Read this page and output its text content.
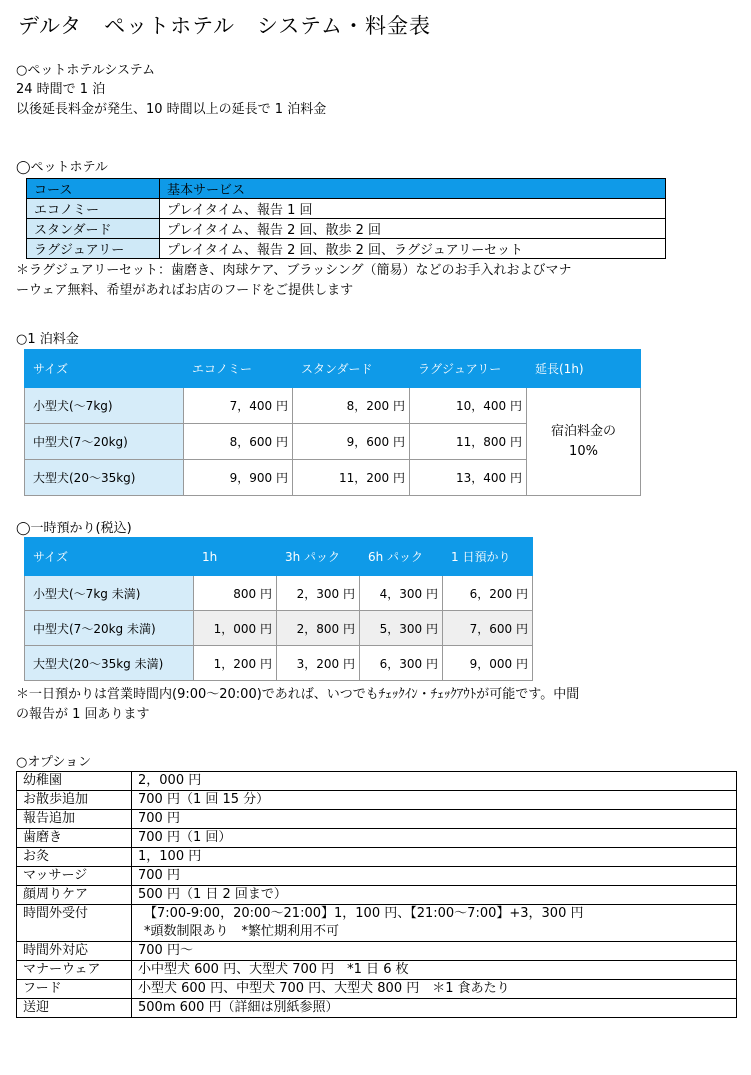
デルタ　ペットホテル　システム・料金表
○ペットホテルシステム
24 時間で 1 泊
以後延長料金が発生、10 時間以上の延長で 1 泊料金
◯ペットホテル
コース	基本サービス
エコノミー	プレイタイム、報告 1 回
スタンダード	プレイタイム、報告 2 回、散歩 2 回
ラグジュアリー	プレイタイム、報告 2 回、散歩 2 回、ラグジュアリーセット
＊ラグジュアリーセット：歯磨き、肉球ケア、ブラッシング（簡易）などのお手入れおよびマナ
ーウェア無料、希望があればお店のフードをご提供します
○1 泊料金
サイズ	エコノミー	スタンダード	ラグジュアリー	延長(1h)
小型犬(～7kg)	7，400 円	8，200 円	10，400 円	宿泊料金の
10%

中型犬(7～20kg)	8，600 円	9，600 円	11，800 円	
大型犬(20～35kg)	9，900 円	11，200 円	13，400 円	
◯一時預かり(税込)
サイズ	1h	3h パック	6h パック	1 日預かり
小型犬(～7kg 未満)	800 円	2，300 円	4，300 円	6，200 円
中型犬(7～20kg 未満)	1，000 円	2，800 円	5，300 円	7，600 円
大型犬(20～35kg 未満)	1，200 円	3，200 円	6，300 円	9，000 円
＊一日預かりは営業時間内(9:00～20:00)であれば、いつでもﾁｪｯｸｲﾝ・ﾁｪｯｸｱｳﾄが可能です。中間
の報告が 1 回あります
○オプション
幼稚園	2，000 円
お散歩追加	700 円（1 回 15 分）
報告追加	700 円
歯磨き	700 円（1 回）
お灸	1，100 円
マッサージ	700 円
顔周りケア	500 円（1 日 2 回まで）
時間外受付	【7:00-9:00，20:00～21:00】1，100 円、【21:00～7:00】+3，300 円
*頭数制限あり　*繁忙期利用不可

時間外対応	700 円～
マナーウェア	小中型犬 600 円、大型犬 700 円　*1 日 6 枚
フード	小型犬 600 円、中型犬 700 円、大型犬 800 円　＊1 食あたり
送迎	500m 600 円（詳細は別紙参照）
